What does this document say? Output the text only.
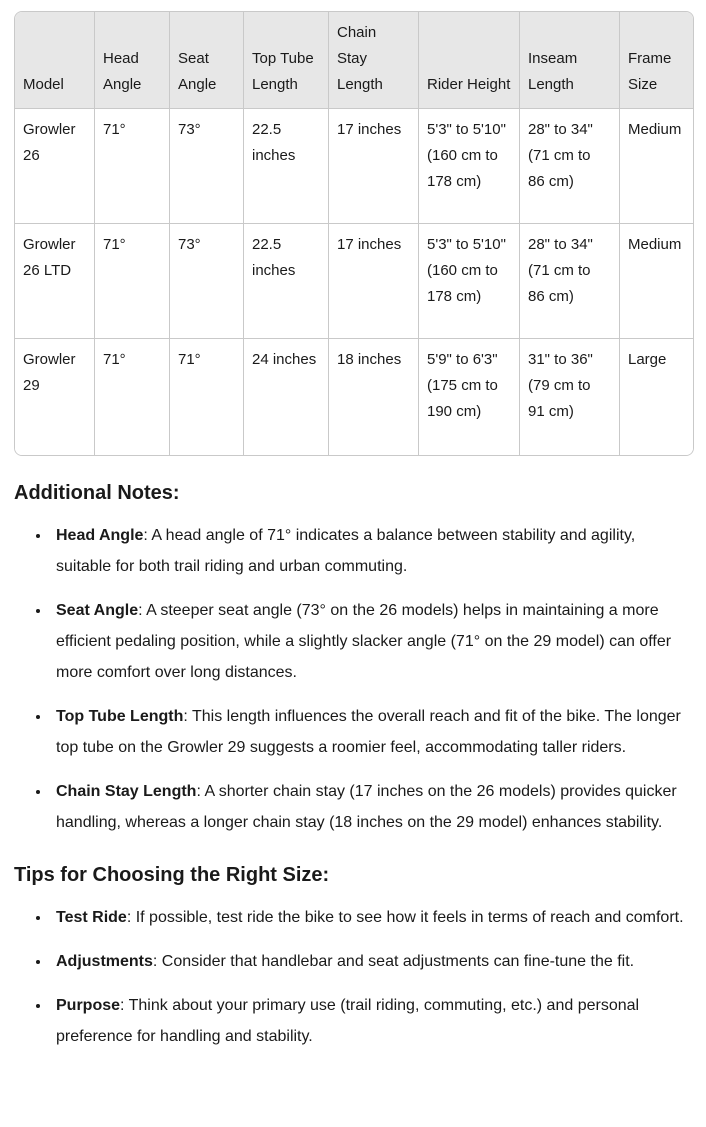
Model	Head Angle	Seat Angle	Top Tube Length	Chain Stay Length	Rider Height	Inseam Length	Frame Size
Growler 26	71°	73°	22.5 inches	17 inches	5'3" to 5'10" (160 cm to 178 cm)	28" to 34" (71 cm to 86 cm)	Medium
Growler 26 LTD	71°	73°	22.5 inches	17 inches	5'3" to 5'10" (160 cm to 178 cm)	28" to 34" (71 cm to 86 cm)	Medium
Growler 29	71°	71°	24 inches	18 inches	5'9" to 6'3" (175 cm to 190 cm)	31" to 36" (79 cm to 91 cm)	Large
Additional Notes:
• Head Angle: A head angle of 71° indicates a balance between stability and agility, suitable for both trail riding and urban commuting.
• Seat Angle: A steeper seat angle (73° on the 26 models) helps in maintaining a more efficient pedaling position, while a slightly slacker angle (71° on the 29 model) can offer more comfort over long distances.
• Top Tube Length: This length influences the overall reach and fit of the bike. The longer top tube on the Growler 29 suggests a roomier feel, accommodating taller riders.
• Chain Stay Length: A shorter chain stay (17 inches on the 26 models) provides quicker handling, whereas a longer chain stay (18 inches on the 29 model) enhances stability.
Tips for Choosing the Right Size:
• Test Ride: If possible, test ride the bike to see how it feels in terms of reach and comfort.
• Adjustments: Consider that handlebar and seat adjustments can fine-tune the fit.
• Purpose: Think about your primary use (trail riding, commuting, etc.) and personal preference for handling and stability.
